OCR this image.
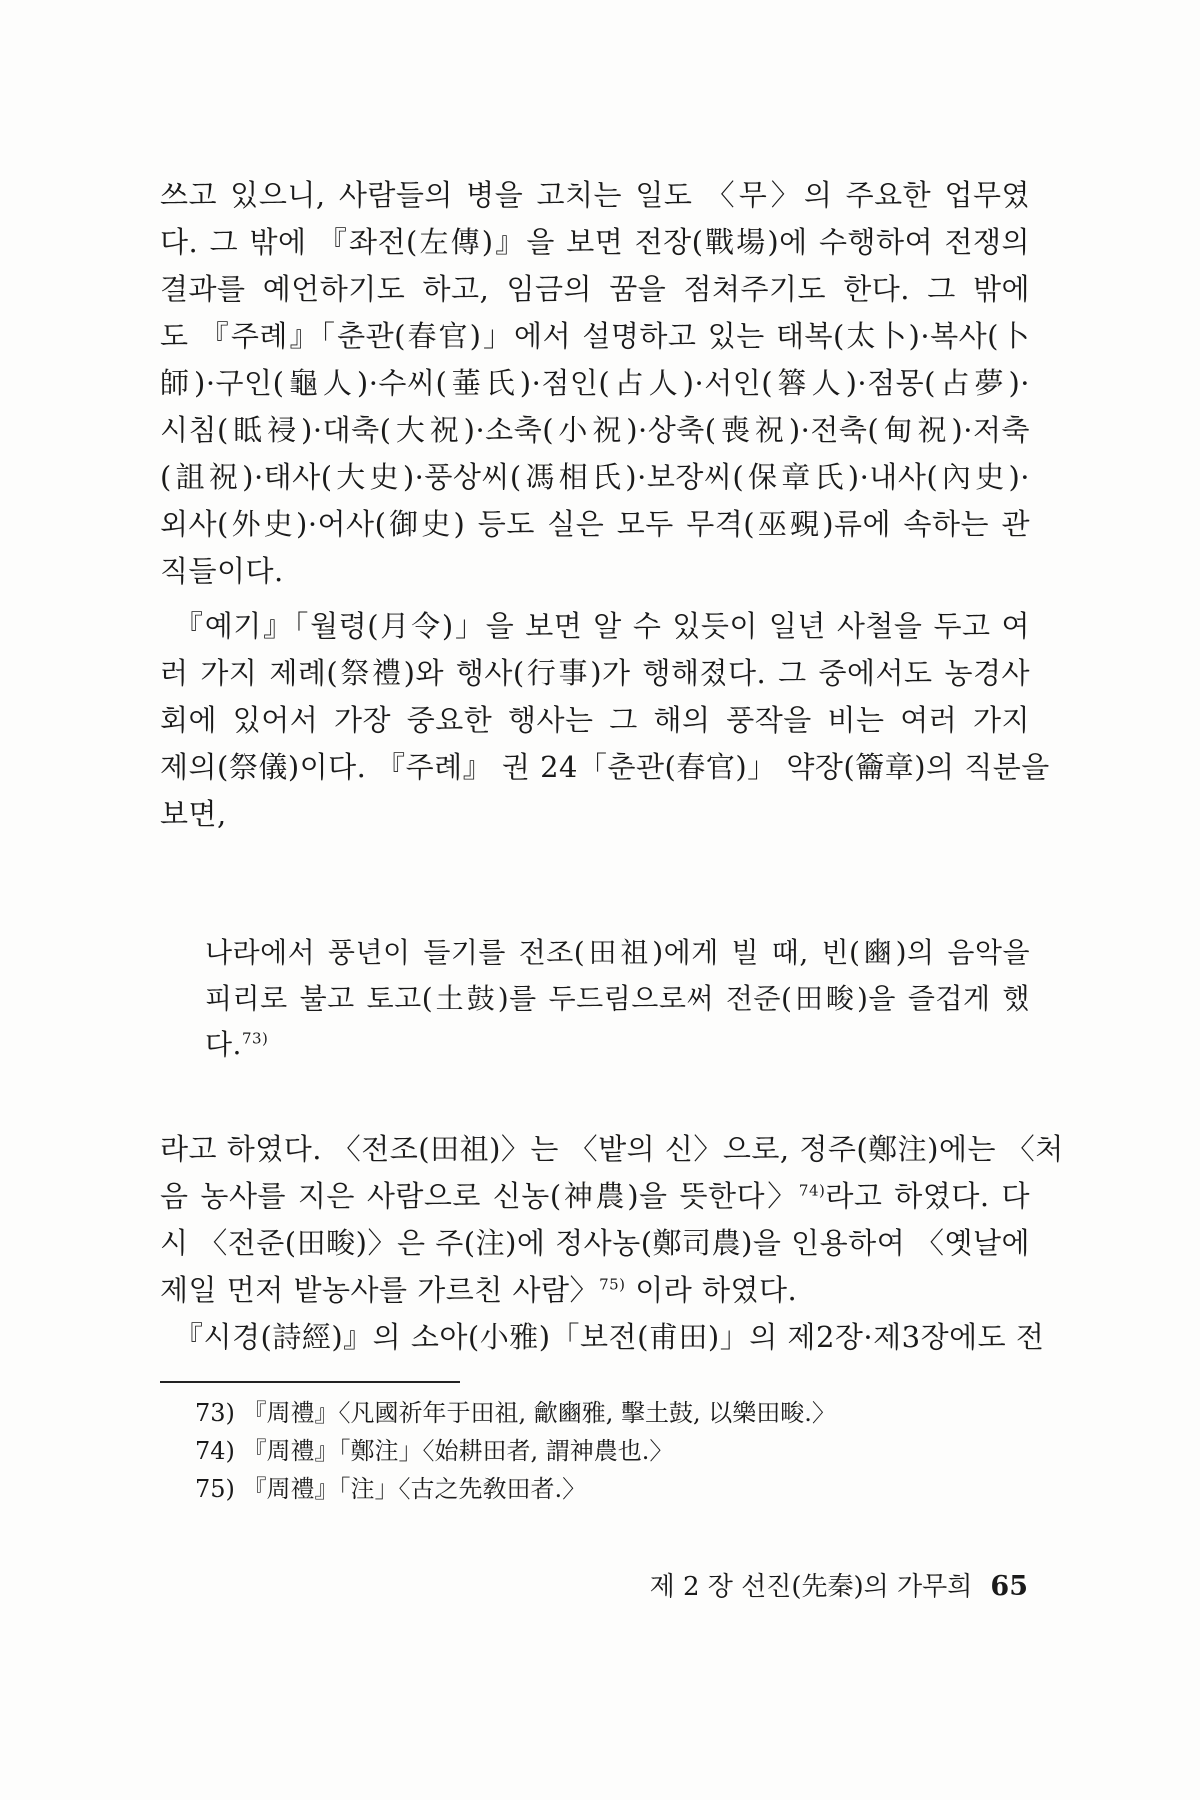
쓰고 있으니, 사람들의 병을 고치는 일도 〈무〉의 주요한 업무였
다. 그 밖에 『좌전(左傳)』을 보면 전장(戰場)에 수행하여 전쟁의
결과를 예언하기도 하고, 임금의 꿈을 점쳐주기도 한다. 그 밖에
도 『주례』「춘관(春官)」에서 설명하고 있는 태복(太卜)·복사(卜
師)·구인(龜人)·수씨(菙氏)·점인(占人)·서인(簭人)·점몽(占夢)·
시침(眡祲)·대축(大祝)·소축(小祝)·상축(喪祝)·전축(甸祝)·저축
(詛祝)·태사(大史)·풍상씨(馮相氏)·보장씨(保章氏)·내사(內史)·
외사(外史)·어사(御史) 등도 실은 모두 무격(巫覡)류에 속하는 관
직들이다.
『예기』「월령(月令)」을 보면 알 수 있듯이 일년 사철을 두고 여
러 가지 제례(祭禮)와 행사(行事)가 행해졌다. 그 중에서도 농경사
회에 있어서 가장 중요한 행사는 그 해의 풍작을 비는 여러 가지
제의(祭儀)이다. 『주례』 권 24「춘관(春官)」 약장(籥章)의 직분을
보면,
나라에서 풍년이 들기를 전조(田祖)에게 빌 때, 빈(豳)의 음악을
피리로 불고 토고(土鼓)를 두드림으로써 전준(田畯)을 즐겁게 했
다.$^{73)}$
라고 하였다. 〈전조(田祖)〉는 〈밭의 신〉으로, 정주(鄭注)에는 〈처
음 농사를 지은 사람으로 신농(神農)을 뜻한다〉$^{74)}$라고 하였다. 다
시 〈전준(田畯)〉은 주(注)에 정사농(鄭司農)을 인용하여 〈옛날에
제일 먼저 밭농사를 가르친 사람〉$^{75)}$ 이라 하였다.
『시경(詩經)』의 소아(小雅)「보전(甫田)」의 제2장·제3장에도 전
73) 『周禮』〈凡國祈年于田祖, 龡豳雅, 擊土鼓, 以樂田畯.〉
74) 『周禮』「鄭注」〈始耕田者, 謂神農也.〉
75) 『周禮』「注」〈古之先敎田者.〉
제 2 장 선진(先秦)의 가무희 65
